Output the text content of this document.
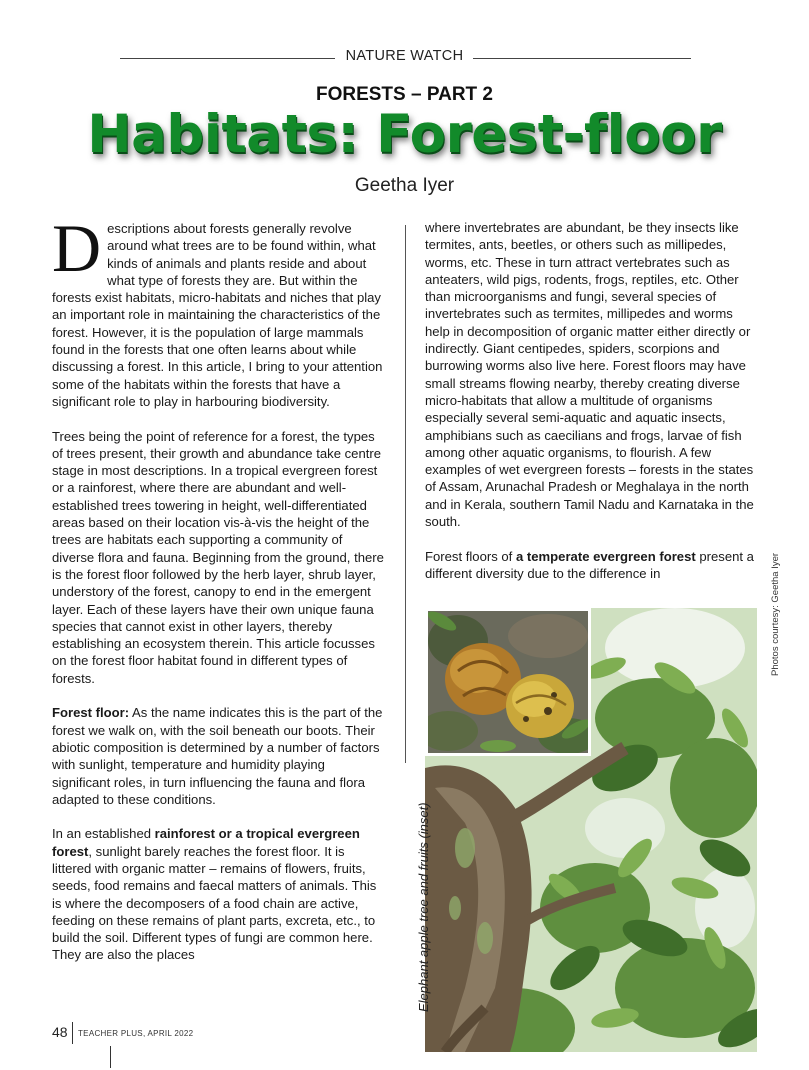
NATURE WATCH
FORESTS – PART 2
Habitats: Forest-floor
Geetha Iyer

Descriptions about forests generally revolve around what trees are to be found within, what kinds of animals and plants reside and about what type of forests they are. But within the forests exist habitats, micro-habitats and niches that play an important role in maintaining the characteristics of the forest. However, it is the population of large mammals found in the forests that one often learns about while discussing a forest. In this article, I bring to your attention some of the habitats within the forests that have a significant role to play in harbouring biodiversity.

Trees being the point of reference for a forest, the types of trees present, their growth and abundance take centre stage in most descriptions. In a tropical evergreen forest or a rainforest, where there are abundant and well-established trees towering in height, well-differentiated areas based on their location vis-à-vis the height of the trees are habitats each supporting a community of diverse flora and fauna. Beginning from the ground, there is the forest floor followed by the herb layer, shrub layer, understory of the forest, canopy to end in the emergent layer. Each of these layers have their own unique fauna species that cannot exist in other layers, thereby establishing an ecosystem therein. This article focusses on the forest floor habitat found in different types of forests.

Forest floor: As the name indicates this is the part of the forest we walk on, with the soil beneath our boots. Their abiotic composition is determined by a number of factors with sunlight, temperature and humidity playing significant roles, in turn influencing the fauna and flora adapted to these conditions.

In an established rainforest or a tropical evergreen forest, sunlight barely reaches the forest floor. It is littered with organic matter – remains of flowers, fruits, seeds, food remains and faecal matters of animals. This is where the decomposers of a food chain are active, feeding on these remains of plant parts, excreta, etc., to build the soil. Different types of fungi are common here. They are also the places

where invertebrates are abundant, be they insects like termites, ants, beetles, or others such as millipedes, worms, etc. These in turn attract vertebrates such as anteaters, wild pigs, rodents, frogs, reptiles, etc. Other than microorganisms and fungi, several species of invertebrates such as termites, millipedes and worms help in decomposition of organic matter either directly or indirectly. Giant centipedes, spiders, scorpions and burrowing worms also live here. Forest floors may have small streams flowing nearby, thereby creating diverse micro-habitats that allow a multitude of organisms especially several semi-aquatic and aquatic insects, amphibians such as caecilians and frogs, larvae of fish among other aquatic organisms, to flourish. A few examples of wet evergreen forests – forests in the states of Assam, Arunachal Pradesh or Meghalaya in the north and in Kerala, southern Tamil Nadu and Karnataka in the south.

Forest floors of a temperate evergreen forest present a different diversity due to the difference in

Elephant apple tree and fruits (inset)
Photos courtesy: Geetha Iyer
48 TEACHER PLUS, APRIL 2022
